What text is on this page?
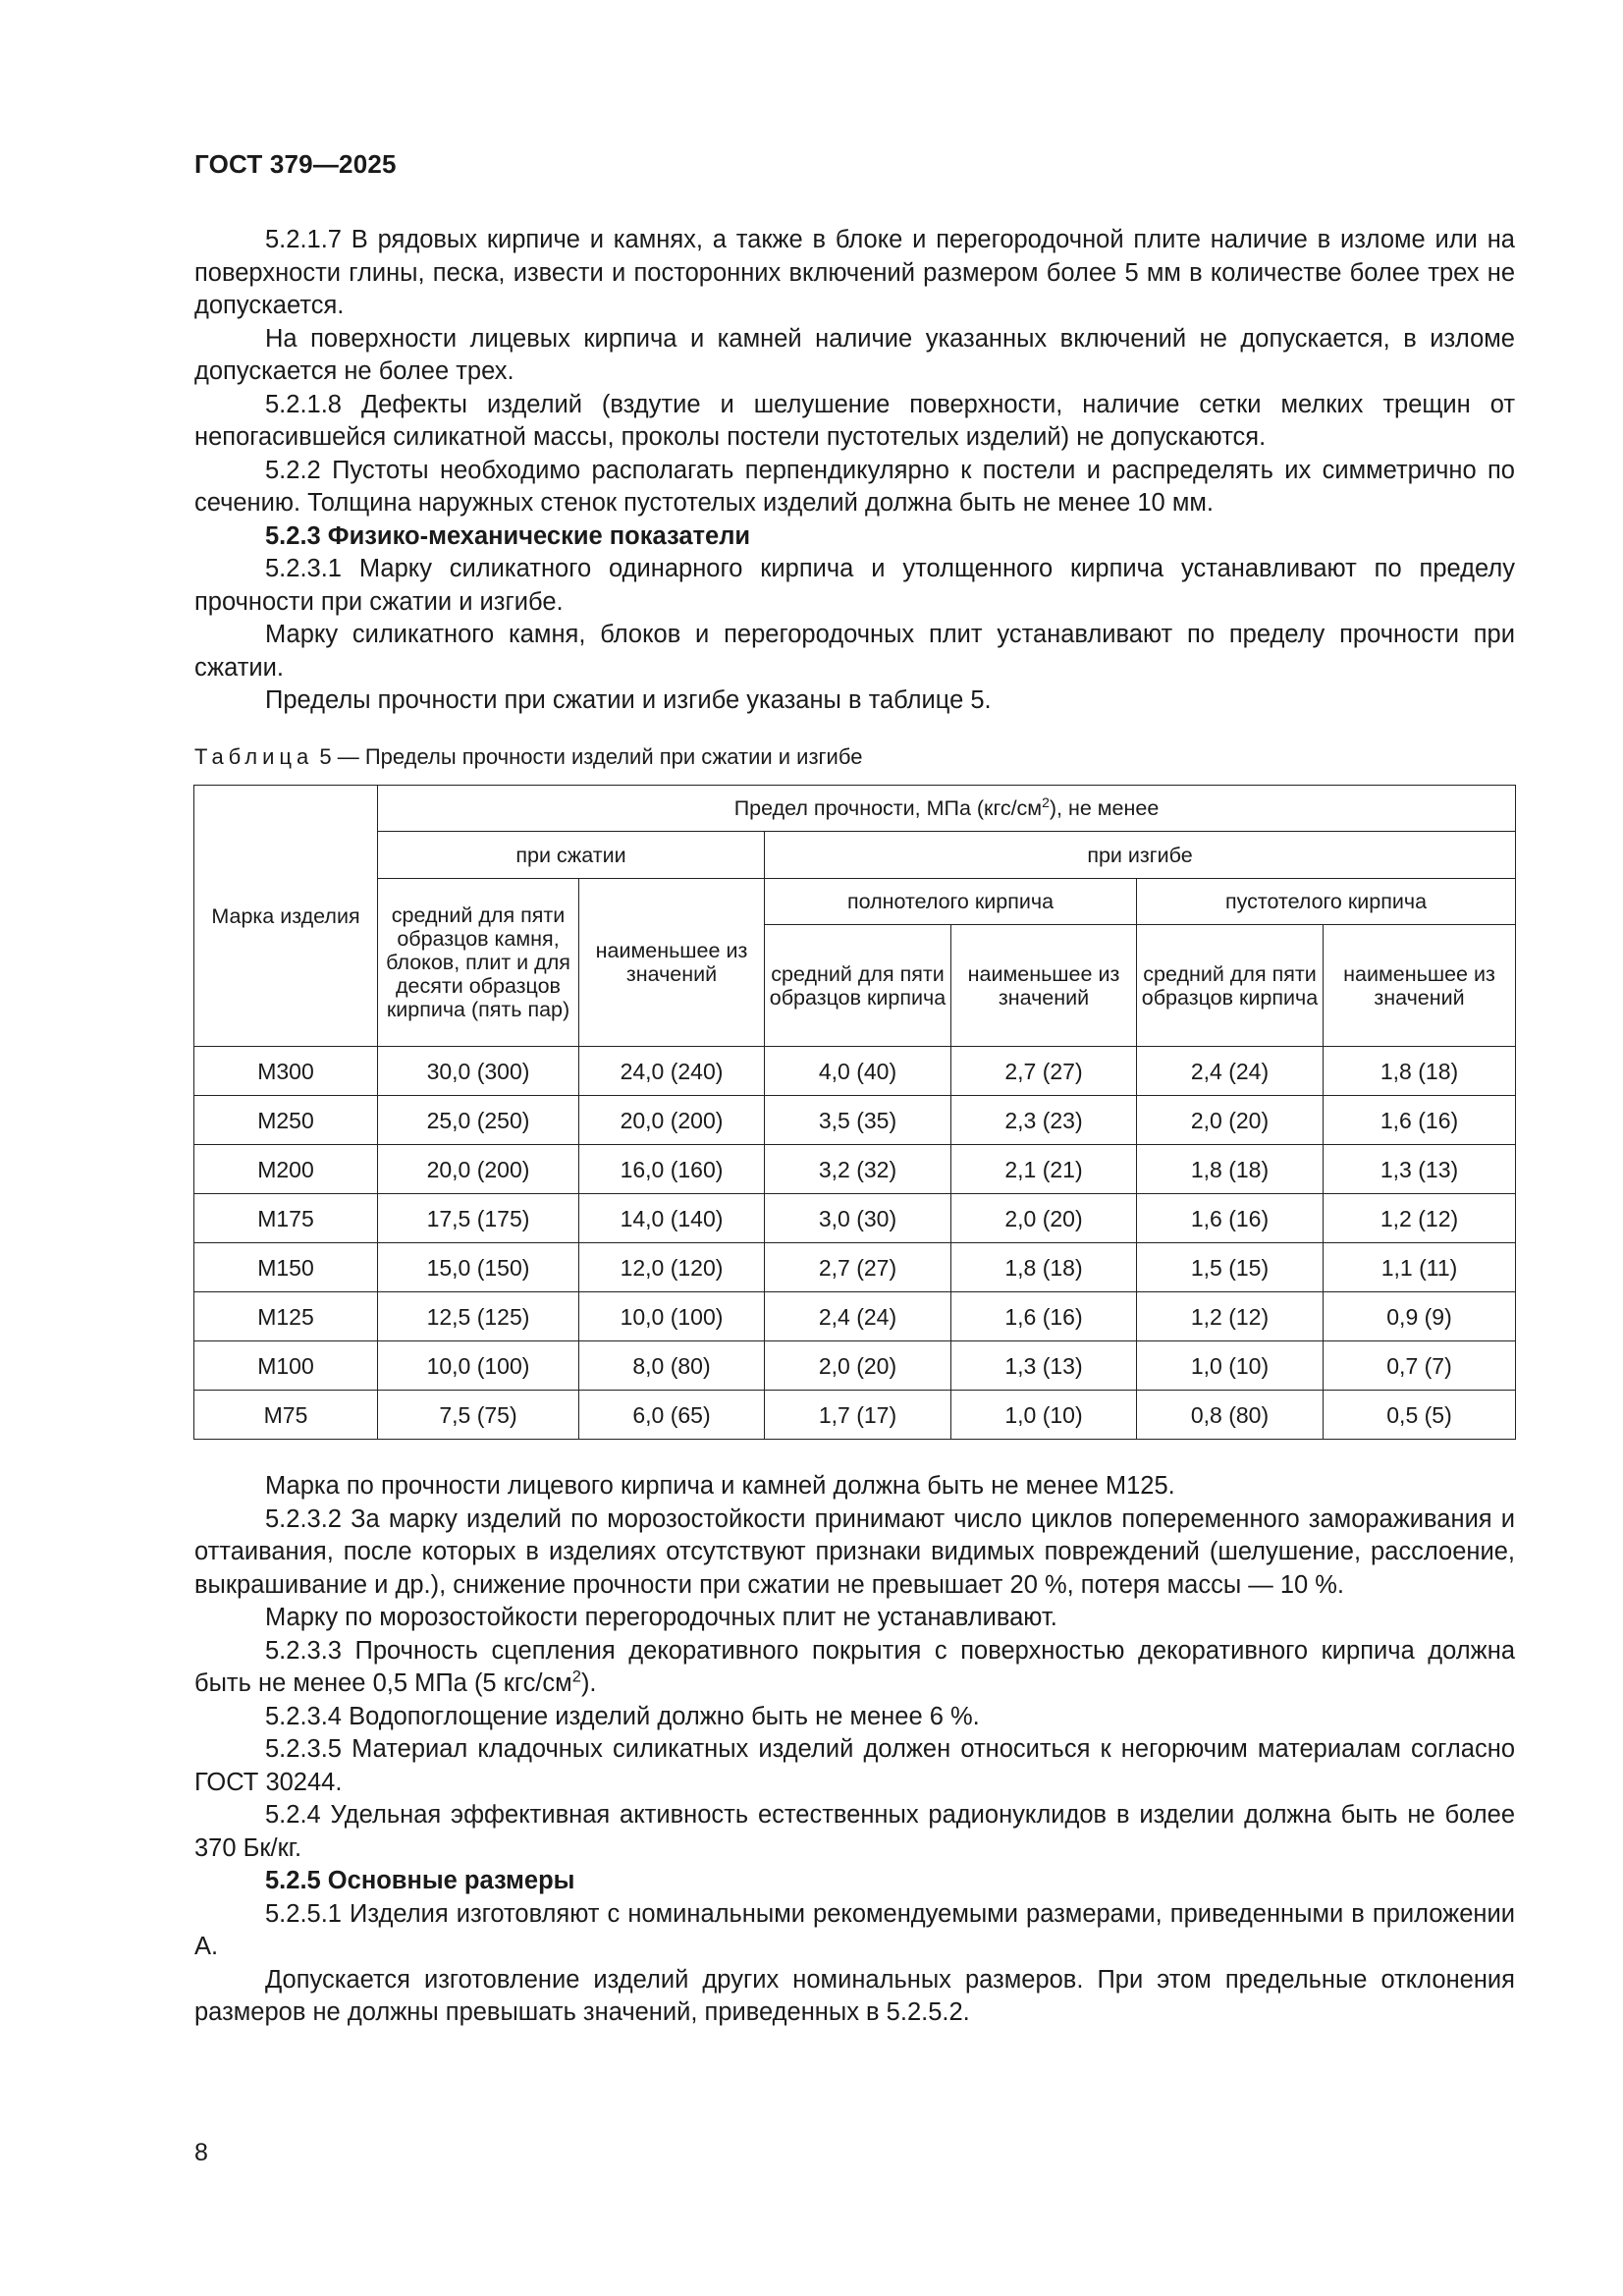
ГОСТ 379—2025

5.2.1.7 В рядовых кирпиче и камнях, а также в блоке и перегородочной плите наличие в изломе или на поверхности глины, песка, извести и посторонних включений размером более 5 мм в количестве более трех не допускается.

На поверхности лицевых кирпича и камней наличие указанных включений не допускается, в изломе допускается не более трех.

5.2.1.8 Дефекты изделий (вздутие и шелушение поверхности, наличие сетки мелких трещин от непогасившейся силикатной массы, проколы постели пустотелых изделий) не допускаются.

5.2.2 Пустоты необходимо располагать перпендикулярно к постели и распределять их симметрично по сечению. Толщина наружных стенок пустотелых изделий должна быть не менее 10 мм.

5.2.3 Физико-механические показатели

5.2.3.1 Марку силикатного одинарного кирпича и утолщенного кирпича устанавливают по пределу прочности при сжатии и изгибе.

Марку силикатного камня, блоков и перегородочных плит устанавливают по пределу прочности при сжатии.

Пределы прочности при сжатии и изгибе указаны в таблице 5.

Таблица 5 — Пределы прочности изделий при сжатии и изгибе
Марка изделия	Предел прочности, МПа $(кгс/см^2)$, не менее					
	при сжатии		при изгибе			
	средний для пяти образцов камня, блоков, плит и для десяти образцов кирпича (пять пар)	наименьшее из значений	полнотелого кирпича		пустотелого кирпича	
			средний для пяти образцов кирпича	наименьшее из значений	средний для пяти образцов кирпича	наименьшее из значений
М300	30,0 (300)	24,0 (240)	4,0 (40)	2,7 (27)	2,4 (24)	1,8 (18)
М250	25,0 (250)	20,0 (200)	3,5 (35)	2,3 (23)	2,0 (20)	1,6 (16)
М200	20,0 (200)	16,0 (160)	3,2 (32)	2,1 (21)	1,8 (18)	1,3 (13)
М175	17,5 (175)	14,0 (140)	3,0 (30)	2,0 (20)	1,6 (16)	1,2 (12)
М150	15,0 (150)	12,0 (120)	2,7 (27)	1,8 (18)	1,5 (15)	1,1 (11)
М125	12,5 (125)	10,0 (100)	2,4 (24)	1,6 (16)	1,2 (12)	0,9 (9)
М100	10,0 (100)	8,0 (80)	2,0 (20)	1,3 (13)	1,0 (10)	0,7 (7)
М75	7,5 (75)	6,0 (65)	1,7 (17)	1,0 (10)	0,8 (80)	0,5 (5)

Марка по прочности лицевого кирпича и камней должна быть не менее М125.

5.2.3.2 За марку изделий по морозостойкости принимают число циклов попеременного замораживания и оттаивания, после которых в изделиях отсутствуют признаки видимых повреждений (шелушение, расслоение, выкрашивание и др.), снижение прочности при сжатии не превышает 20 %, потеря массы — 10 %.

Марку по морозостойкости перегородочных плит не устанавливают.

5.2.3.3 Прочность сцепления декоративного покрытия с поверхностью декоративного кирпича должна быть не менее 0,5 МПа (5 кгс/$см^2$).

5.2.3.4 Водопоглощение изделий должно быть не менее 6 %.

5.2.3.5 Материал кладочных силикатных изделий должен относиться к негорючим материалам согласно ГОСТ 30244.

5.2.4 Удельная эффективная активность естественных радионуклидов в изделии должна быть не более 370 Бк/кг.

5.2.5 Основные размеры

5.2.5.1 Изделия изготовляют с номинальными рекомендуемыми размерами, приведенными в приложении А.

Допускается изготовление изделий других номинальных размеров. При этом предельные отклонения размеров не должны превышать значений, приведенных в 5.2.5.2.

8
